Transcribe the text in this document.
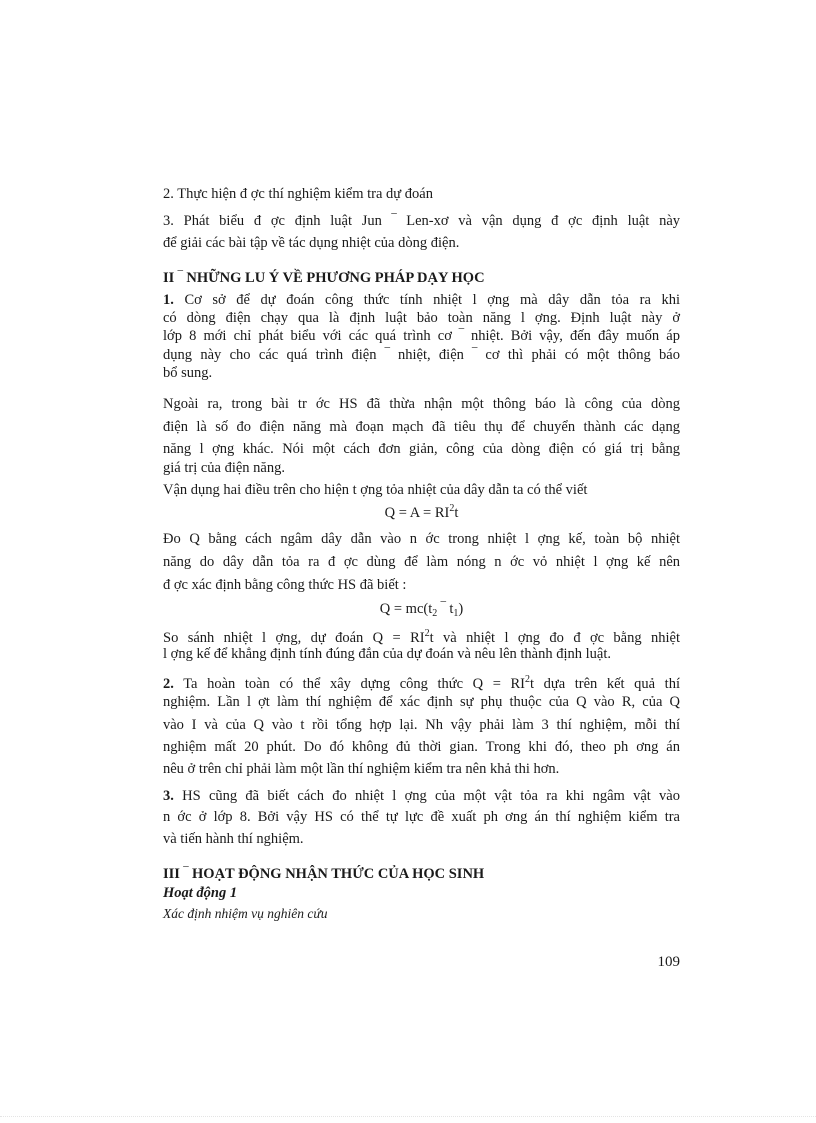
2. Thực hiện đ ợc thí nghiệm kiểm tra dự đoán
3. Phát biểu đ ợc định luật Jun ‾ Len-xơ và vận dụng đ ợc định luật này
để giải các bài tập về tác dụng nhiệt của dòng điện.
II ‾ NHỮNG LU Ý VỀ PHƯƠNG PHÁP DẠY HỌC
1. Cơ sở để dự đoán công thức tính nhiệt l ợng mà dây dẫn tỏa ra khi
có dòng điện chạy qua là định luật bảo toàn năng l ợng. Định luật này ở
lớp 8 mới chỉ phát biểu với các quá trình cơ ‾ nhiệt. Bởi vậy, đến đây muốn áp
dụng này cho các quá trình điện ‾ nhiệt, điện ‾ cơ thì phải có một thông báo
bổ sung.
Ngoài ra, trong bài tr ớc HS đã thừa nhận một thông báo là công của dòng
điện là số đo điện năng mà đoạn mạch đã tiêu thụ để chuyển thành các dạng
năng l ợng khác. Nói một cách đơn giản, công của dòng điện có giá trị bằng
giá trị của điện năng.
Vận dụng hai điều trên cho hiện t ợng tỏa nhiệt của dây dẫn ta có thể viết
$Q = A = RI^2t$
Đo Q bằng cách ngâm dây dẫn vào n ớc trong nhiệt l ợng kế, toàn bộ nhiệt
năng do dây dẫn tỏa ra đ ợc dùng để làm nóng n ớc vỏ nhiệt l ợng kế nên
đ ợc xác định bằng công thức HS đã biết :
$Q = mc(t_2$ ‾ $t_1$)
So sánh nhiệt l ợng, dự đoán $Q = RI^2t$ và nhiệt l ợng đo đ ợc bằng nhiệt
l ợng kế để khẳng định tính đúng đắn của dự đoán và nêu lên thành định luật.
2. Ta hoàn toàn có thể xây dựng công thức $Q = RI^2t$ dựa trên kết quả thí
nghiệm. Lần l ợt làm thí nghiệm để xác định sự phụ thuộc của Q vào R, của Q
vào I và của Q vào t rồi tổng hợp lại. Nh vậy phải làm 3 thí nghiệm, mỗi thí
nghiệm mất 20 phút. Do đó không đủ thời gian. Trong khi đó, theo ph ơng án
nêu ở trên chỉ phải làm một lần thí nghiệm kiểm tra nên khả thi hơn.
3. HS cũng đã biết cách đo nhiệt l ợng của một vật tỏa ra khi ngâm vật vào
n ớc ở lớp 8. Bởi vậy HS có thể tự lực đề xuất ph ơng án thí nghiệm kiểm tra
và tiến hành thí nghiệm.
III ‾ HOẠT ĐỘNG NHẬN THỨC CỦA HỌC SINH
Hoạt động 1
Xác định nhiệm vụ nghiên cứu
109
